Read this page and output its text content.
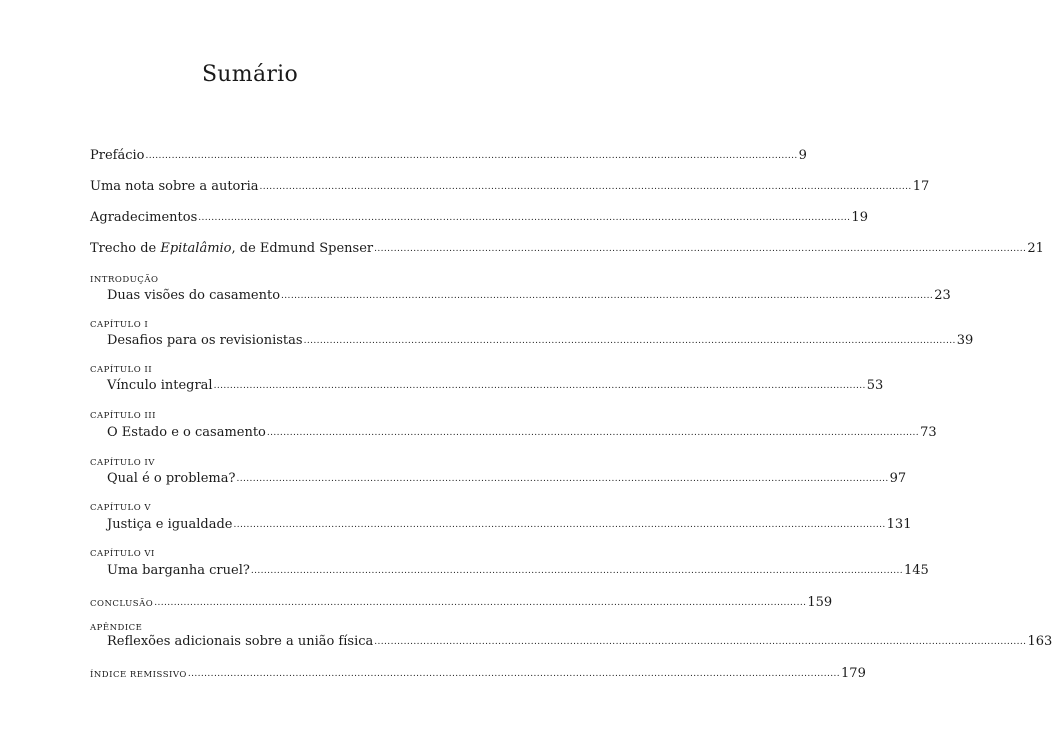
Sumário
Prefácio ........................................................................................................................................................................................................ 9
Uma nota sobre a autoria ........................................................................................................................................................................................................ 17
Agradecimentos ........................................................................................................................................................................................................ 19
Trecho de Epitalâmio, de Edmund Spenser ........................................................................................................................................................................................................ 21
INTRODUÇÃO
Duas visões do casamento ........................................................................................................................................................................................................ 23
CAPÍTULO I
Desafios para os revisionistas ........................................................................................................................................................................................................ 39
CAPÍTULO II
Vínculo integral ........................................................................................................................................................................................................ 53
CAPÍTULO III
O Estado e o casamento ........................................................................................................................................................................................................ 73
CAPÍTULO IV
Qual é o problema? ........................................................................................................................................................................................................ 97
CAPÍTULO V
Justiça e igualdade ........................................................................................................................................................................................................ 131
CAPÍTULO VI
Uma barganha cruel? ........................................................................................................................................................................................................ 145
CONCLUSÃO ........................................................................................................................................................................................................ 159
APÊNDICE
Reflexões adicionais sobre a união física ........................................................................................................................................................................................................ 163
ÍNDICE REMISSIVO ........................................................................................................................................................................................................ 179
